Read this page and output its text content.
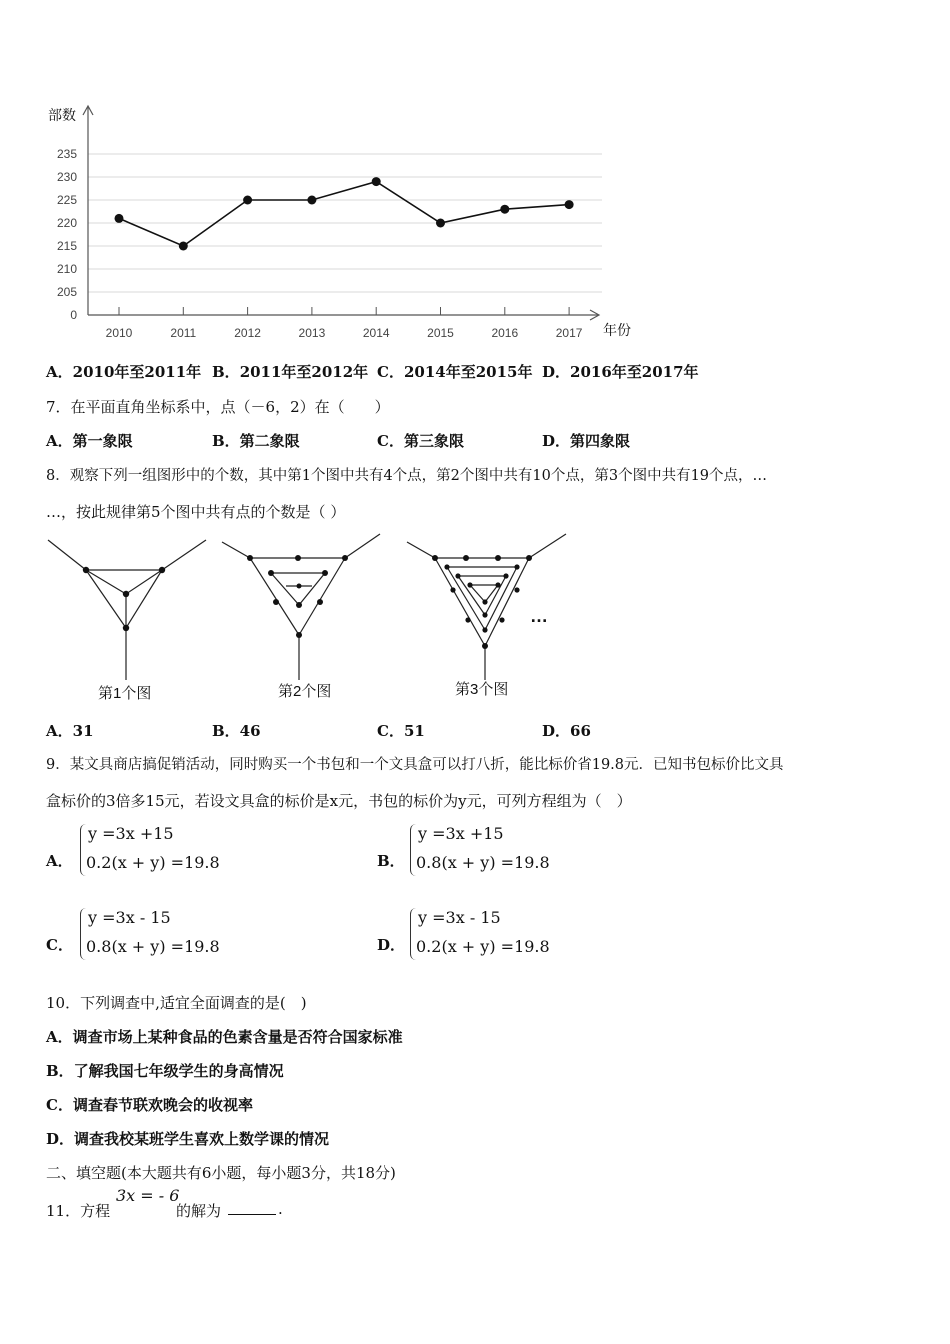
部数
年份
0
205
210
215
220
225
230
235
2010	2011	2012	2013	2014	2015	2016	2017
A．2010年至2011年 B．2011年至2012年 C．2014年至2015年 D．2016年至2017年
7．在平面直角坐标系中，点（－6，2）在（　　）
A．第一象限	B．第二象限	C．第三象限	D．第四象限
8．观察下列一组图形中的个数，其中第1个图中共有4个点，第2个图中共有10个点，第3个图中共有19个点，…
…，按此规律第5个图中共有点的个数是（ ）
第1个图	第2个图	第3个图
…
A．31	B．46	C．51	D．66
9．某文具商店搞促销活动，同时购买一个书包和一个文具盒可以打八折，能比标价省19.8元．已知书包标价比文具
盒标价的3倍多15元，若设文具盒的标价是x元，书包的标价为y元，可列方程组为（　）
A．
y =3x +15
0.2(x + y) =19.8	B．
y =3x +15
0.8(x + y) =19.8
C．
y =3x - 15
0.8(x + y) =19.8	D．
y =3x - 15
0.2(x + y) =19.8
10．下列调查中,适宜全面调查的是(　)
A．调查市场上某种食品的色素含量是否符合国家标准
B．了解我国七年级学生的身高情况
C．调查春节联欢晚会的收视率
D．调查我校某班学生喜欢上数学课的情况
二、填空题(本大题共有6小题，每小题3分，共18分)
11．方程
3x = - 6
的解为	.
